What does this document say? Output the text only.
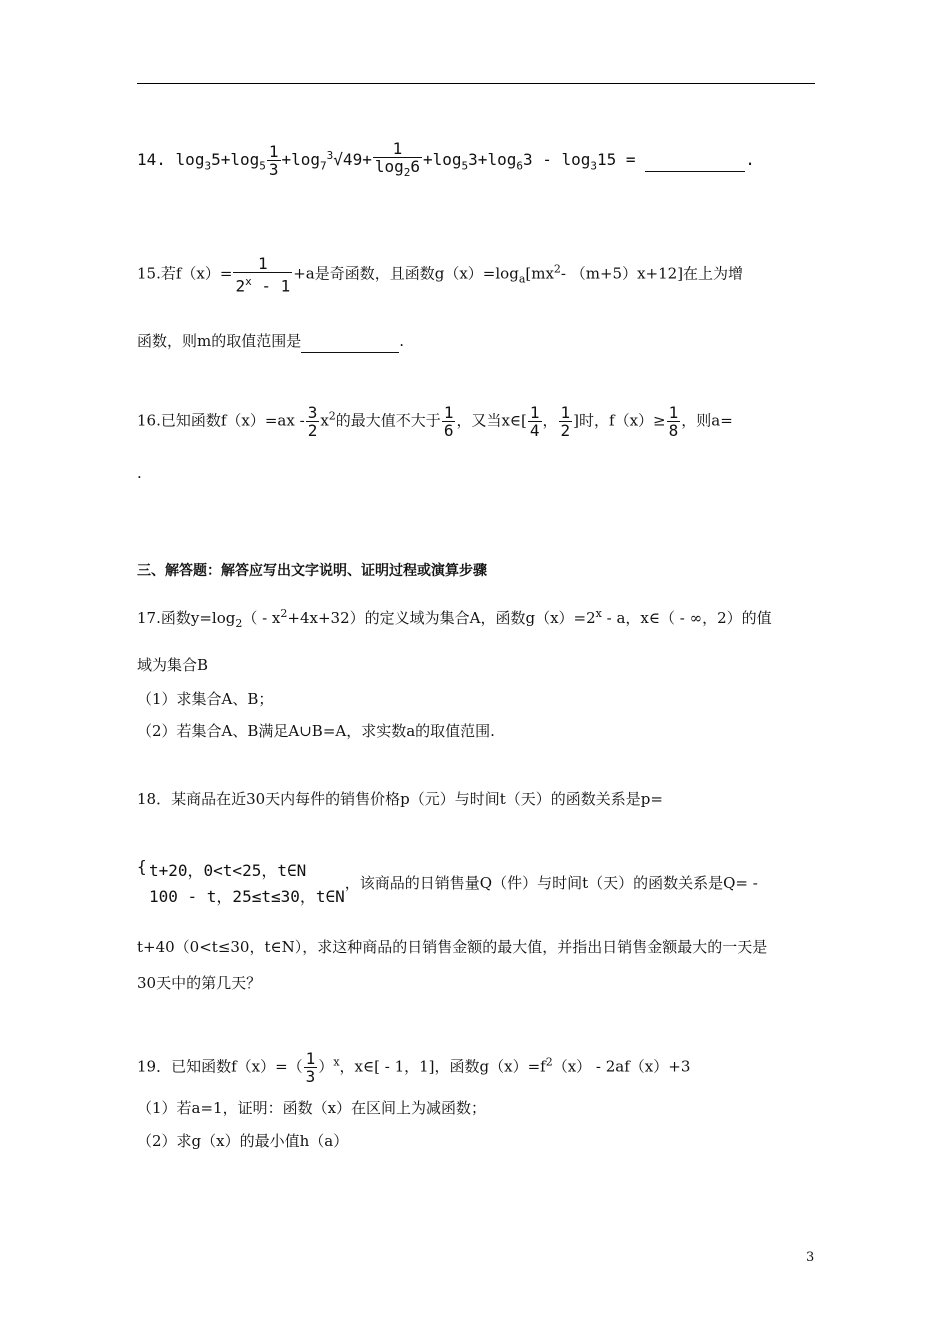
14. $\log_35+\log_5 \frac{1}{3} +\log_7^3√49+ \frac{1}{\log_26} +\log_53+\log_63 - \log_315$ =	.
15.若$f(x)= \frac{1}{2^x - 1} +a$是奇函数，且函数$g(x)=\log_a[mx^2-$ （m+5）x+12]在上为增
函数，则m的取值范围是	.
16.已知函数$f(x)=ax - \frac{3}{2} x^2$的最大值不大于 $\frac{1}{6}$ ，又当x∈[ $\frac{1}{4}$ ， $\frac{1}{2}$ ]时，$f(x)\ge \frac{1}{8}$ ，则a=
.
三、解答题：解答应写出文字说明、证明过程或演算步骤
17.函数$y=\log_2( - x^2+4x+32)$的定义域为集合A，函数$g(x)=2^x - a$，x∈（ - ∞，2）的值
域为集合B
（1）求集合A、B；
（2）若集合A、B满足A∪B=A，求实数a的取值范围.
18．某商品在近30天内每件的销售价格p（元）与时间t（天）的函数关系是p=
{ t+20，0<t<25，t∈N
100 - t，25≤t≤30，t∈N
，该商品的日销售量Q（件）与时间t（天）的函数关系是Q= -
t+40（0<t≤30，t∈N），求这种商品的日销售金额的最大值，并指出日销售金额最大的一天是
30天中的第几天？
19．已知函数$f(x)=( \frac{1}{3} )^x$，x∈[ - 1，1]，函数$g(x)=f^2(x) - 2af(x)+3$
（1）若a=1，证明：函数（x）在区间上为减函数；
（2）求g（x）的最小值h（a）
3
